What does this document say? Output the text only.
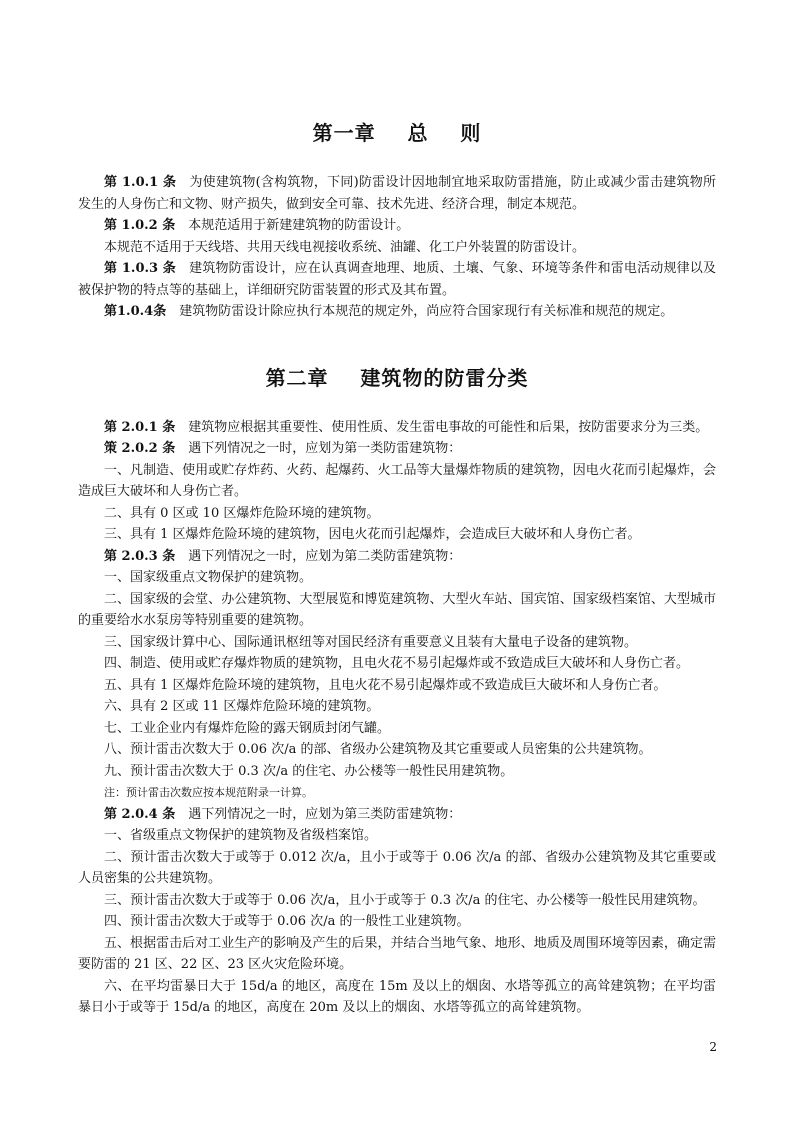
第一章    总    则

第 1.0.1 条　 为使建筑物(含构筑物，下同)防雷设计因地制宜地采取防雷措施，防止或减少雷击建筑物所发生的人身伤亡和文物、财产损失，做到安全可靠、技术先进、经济合理，制定本规范。

第 1.0.2 条　 本规范适用于新建建筑物的防雷设计。

本规范不适用于天线塔、共用天线电视接收系统、油罐、化工户外装置的防雷设计。

第 1.0.3 条　 建筑物防雷设计，应在认真调查地理、地质、土壤、气象、环境等条件和雷电活动规律以及被保护物的特点等的基础上，详细研究防雷装置的形式及其布置。

第1.0.4条　 建筑物防雷设计除应执行本规范的规定外，尚应符合国家现行有关标准和规范的规定。

第二章    建筑物的防雷分类

第 2.0.1 条　 建筑物应根据其重要性、使用性质、发生雷电事故的可能性和后果，按防雷要求分为三类。

策 2.0.2 条　 遇下列情况之一时，应划为第一类防雷建筑物：

一、凡制造、使用或贮存炸药、火药、起爆药、火工品等大量爆炸物质的建筑物，因电火花而引起爆炸，会造成巨大破坏和人身伤亡者。

二、具有 0 区或 10 区爆炸危险环境的建筑物。

三、具有 1 区爆炸危险环境的建筑物，因电火花而引起爆炸，会造成巨大破坏和人身伤亡者。

第 2.0.3 条　 遇下列情况之一时，应划为第二类防雷建筑物：

一、国家级重点文物保护的建筑物。

二、国家级的会堂、办公建筑物、大型展览和博览建筑物、大型火车站、国宾馆、国家级档案馆、大型城市的重要给水水泵房等特别重要的建筑物。

三、国家级计算中心、国际通讯枢纽等对国民经济有重要意义且装有大量电子设备的建筑物。

四、制造、使用或贮存爆炸物质的建筑物，且电火花不易引起爆炸或不致造成巨大破坏和人身伤亡者。

五、具有 1 区爆炸危险环境的建筑物，且电火花不易引起爆炸或不致造成巨大破坏和人身伤亡者。

六、具有 2 区或 11 区爆炸危险环境的建筑物。

七、工业企业内有爆炸危险的露天钢质封闭气罐。

八、预计雷击次数大于 0.06 次/a 的部、省级办公建筑物及其它重要或人员密集的公共建筑物。

九、预计雷击次数大于 0.3 次/a 的住宅、办公楼等一般性民用建筑物。

注：预计雷击次数应按本规范附录一计算。

第 2.0.4 条　 遇下列情况之一时，应划为第三类防雷建筑物：

一、省级重点文物保护的建筑物及省级档案馆。

二、预计雷击次数大于或等于 0.012 次/a，且小于或等于 0.06 次/a 的部、省级办公建筑物及其它重要或人员密集的公共建筑物。

三、预计雷击次数大于或等于 0.06 次/a，且小于或等于 0.3 次/a 的住宅、办公楼等一般性民用建筑物。

四、预计雷击次数大于或等于 0.06 次/a 的一般性工业建筑物。

五、根据雷击后对工业生产的影响及产生的后果，并结合当地气象、地形、地质及周围环境等因素，确定需要防雷的 21 区、22 区、23 区火灾危险环境。

六、在平均雷暴日大于 15d/a 的地区，高度在 15m 及以上的烟囱、水塔等孤立的高耸建筑物；在平均雷暴日小于或等于 15d/a 的地区，高度在 20m 及以上的烟囱、水塔等孤立的高耸建筑物。

2
